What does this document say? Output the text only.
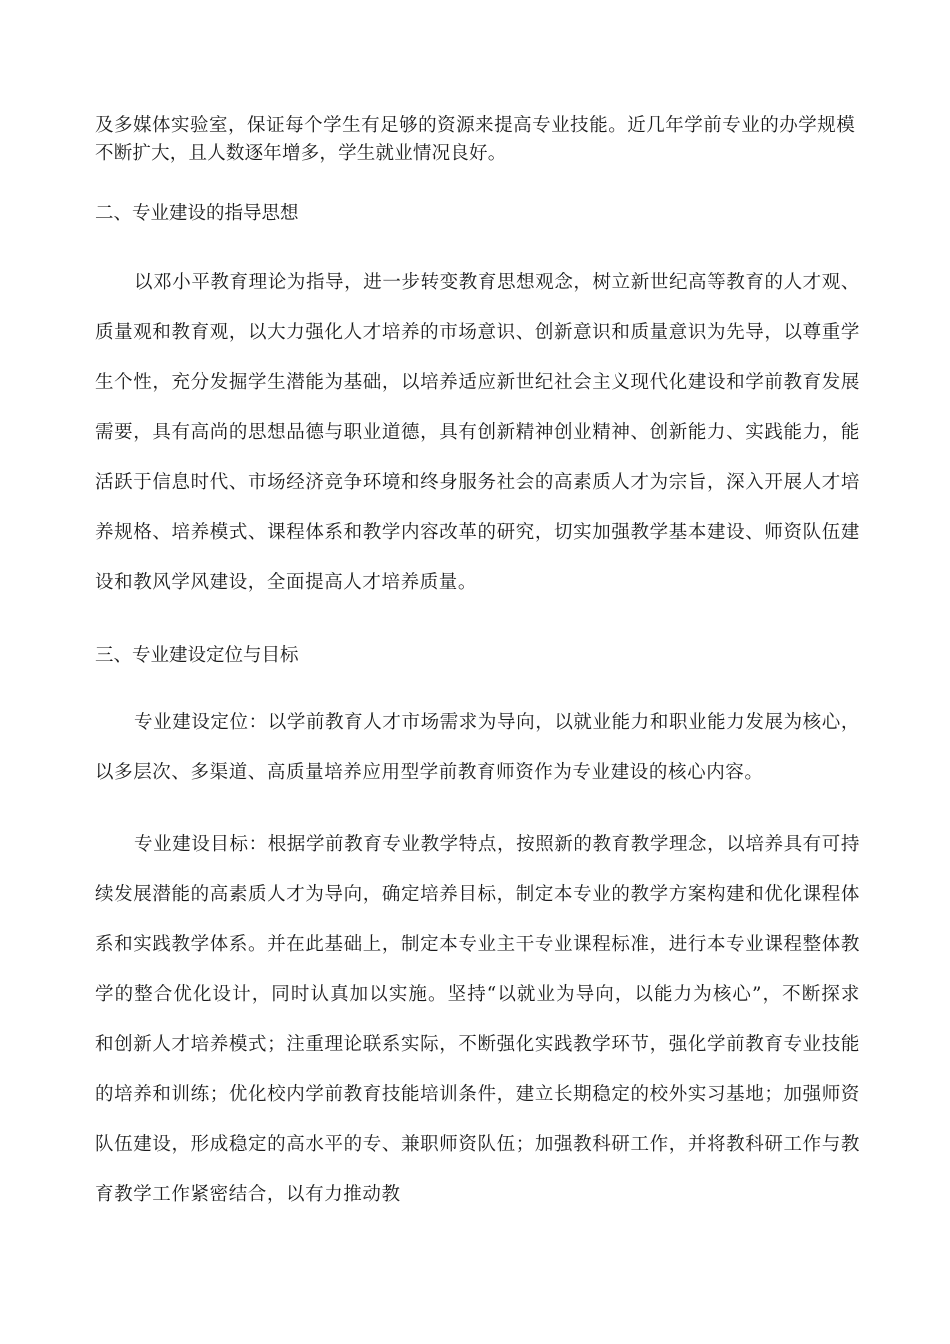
及多媒体实验室，保证每个学生有足够的资源来提高专业技能。近几年学前专业的办学规模不断扩大，且人数逐年增多，学生就业情况良好。

二、专业建设的指导思想

以邓小平教育理论为指导，进一步转变教育思想观念，树立新世纪高等教育的人才观、质量观和教育观，以大力强化人才培养的市场意识、创新意识和质量意识为先导，以尊重学生个性，充分发掘学生潜能为基础，以培养适应新世纪社会主义现代化建设和学前教育发展需要，具有高尚的思想品德与职业道德，具有创新精神创业精神、创新能力、实践能力，能活跃于信息时代、市场经济竞争环境和终身服务社会的高素质人才为宗旨，深入开展人才培养规格、培养模式、课程体系和教学内容改革的研究，切实加强教学基本建设、师资队伍建设和教风学风建设，全面提高人才培养质量。

三、专业建设定位与目标

专业建设定位：以学前教育人才市场需求为导向，以就业能力和职业能力发展为核心，以多层次、多渠道、高质量培养应用型学前教育师资作为专业建设的核心内容。

专业建设目标：根据学前教育专业教学特点，按照新的教育教学理念，以培养具有可持续发展潜能的高素质人才为导向，确定培养目标，制定本专业的教学方案构建和优化课程体系和实践教学体系。并在此基础上，制定本专业主干专业课程标准，进行本专业课程整体教学的整合优化设计，同时认真加以实施。坚持“以就业为导向，以能力为核心”，不断探求和创新人才培养模式；注重理论联系实际，不断强化实践教学环节，强化学前教育专业技能的培养和训练；优化校内学前教育技能培训条件，建立长期稳定的校外实习基地；加强师资队伍建设，形成稳定的高水平的专、兼职师资队伍；加强教科研工作，并将教科研工作与教育教学工作紧密结合，以有力推动教
